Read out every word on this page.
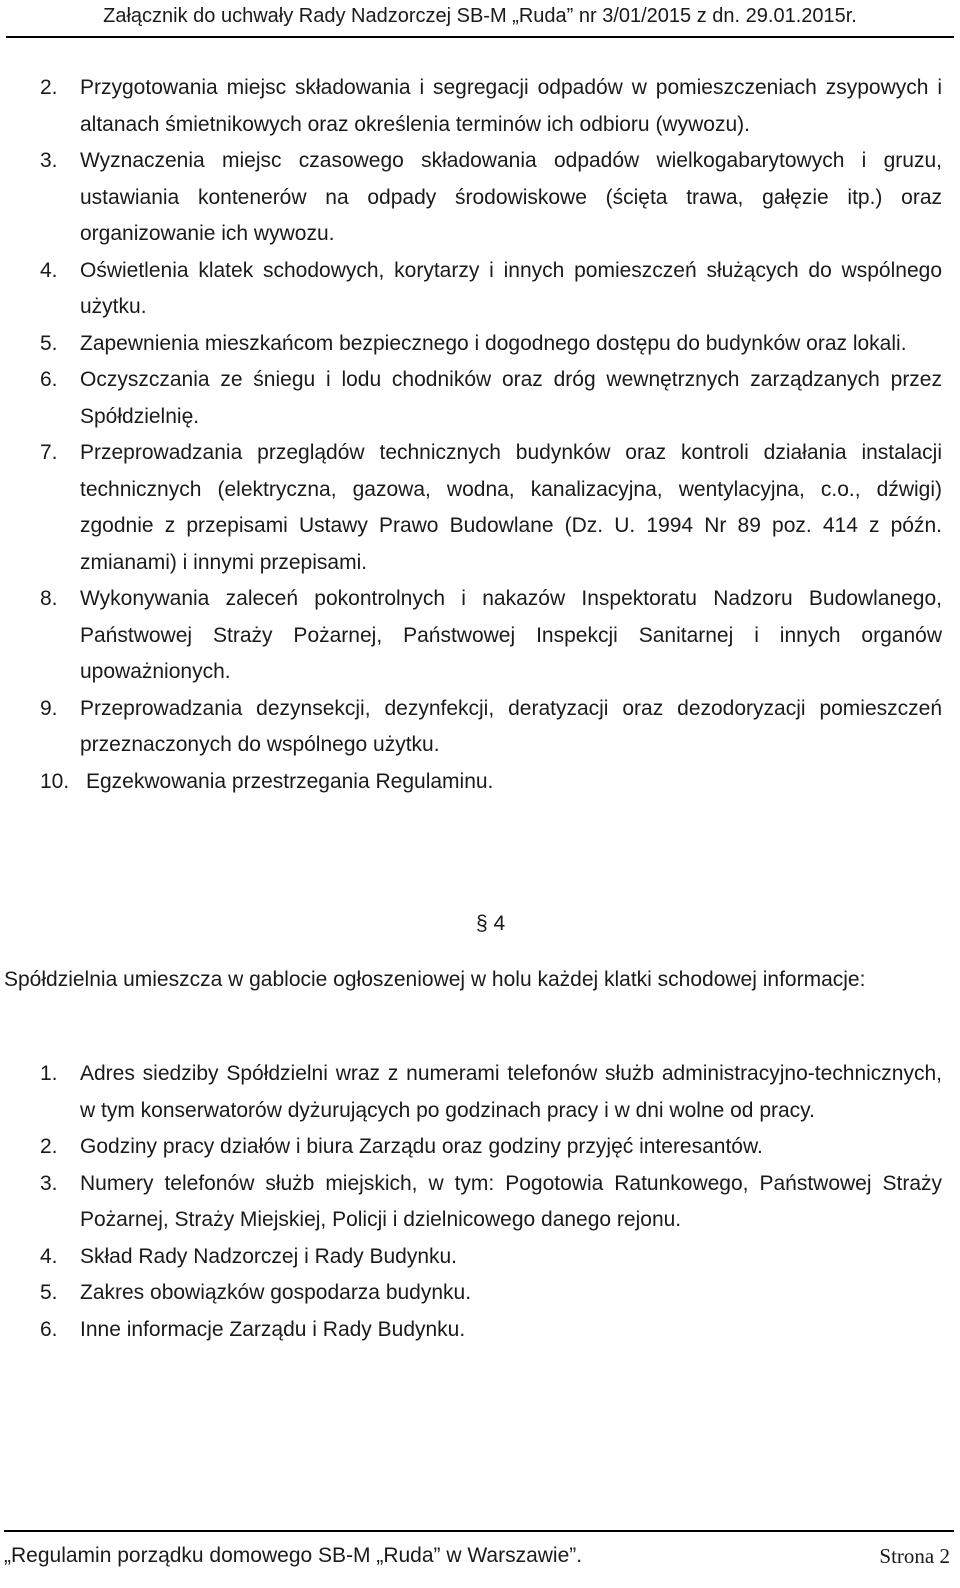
Załącznik do uchwały Rady Nadzorczej SB-M „Ruda” nr 3/01/2015 z dn. 29.01.2015r.
2.	Przygotowania miejsc składowania i segregacji odpadów w pomieszczeniach zsypowych i altanach śmietnikowych oraz określenia terminów ich odbioru (wywozu).
3.	Wyznaczenia miejsc czasowego składowania odpadów wielkogabarytowych i gruzu, ustawiania kontenerów na odpady środowiskowe (ścięta trawa, gałęzie itp.) oraz organizowanie ich wywozu.
4.	Oświetlenia klatek schodowych, korytarzy i innych pomieszczeń służących do wspólnego użytku.
5.	Zapewnienia mieszkańcom bezpiecznego i dogodnego dostępu do budynków oraz lokali.
6.	Oczyszczania ze śniegu i lodu chodników oraz dróg wewnętrznych zarządzanych przez Spółdzielnię.
7.	Przeprowadzania przeglądów technicznych budynków oraz kontroli działania instalacji technicznych (elektryczna, gazowa, wodna, kanalizacyjna, wentylacyjna, c.o., dźwigi) zgodnie z przepisami Ustawy Prawo Budowlane (Dz. U. 1994 Nr 89 poz. 414 z późn. zmianami) i innymi przepisami.
8.	Wykonywania zaleceń pokontrolnych i nakazów Inspektoratu Nadzoru Budowlanego, Państwowej Straży Pożarnej, Państwowej Inspekcji Sanitarnej i innych organów upoważnionych.
9.	Przeprowadzania dezynsekcji, dezynfekcji, deratyzacji oraz dezodoryzacji pomieszczeń przeznaczonych do wspólnego użytku.
10. Egzekwowania przestrzegania Regulaminu.
§ 4

Spółdzielnia umieszcza w gablocie ogłoszeniowej w holu każdej klatki schodowej informacje:

1.	Adres siedziby Spółdzielni wraz z numerami telefonów służb administracyjno-technicznych, w tym konserwatorów dyżurujących po godzinach pracy i w dni wolne od pracy.
2.	Godziny pracy działów i biura Zarządu oraz godziny przyjęć interesantów.
3.	Numery telefonów służb miejskich, w tym: Pogotowia Ratunkowego, Państwowej Straży Pożarnej, Straży Miejskiej, Policji i dzielnicowego danego rejonu.
4.	Skład Rady Nadzorczej i Rady Budynku.
5.	Zakres obowiązków gospodarza budynku.
6.	Inne informacje Zarządu i Rady Budynku.
„Regulamin porządku domowego SB-M „Ruda” w Warszawie”.	Strona 2
